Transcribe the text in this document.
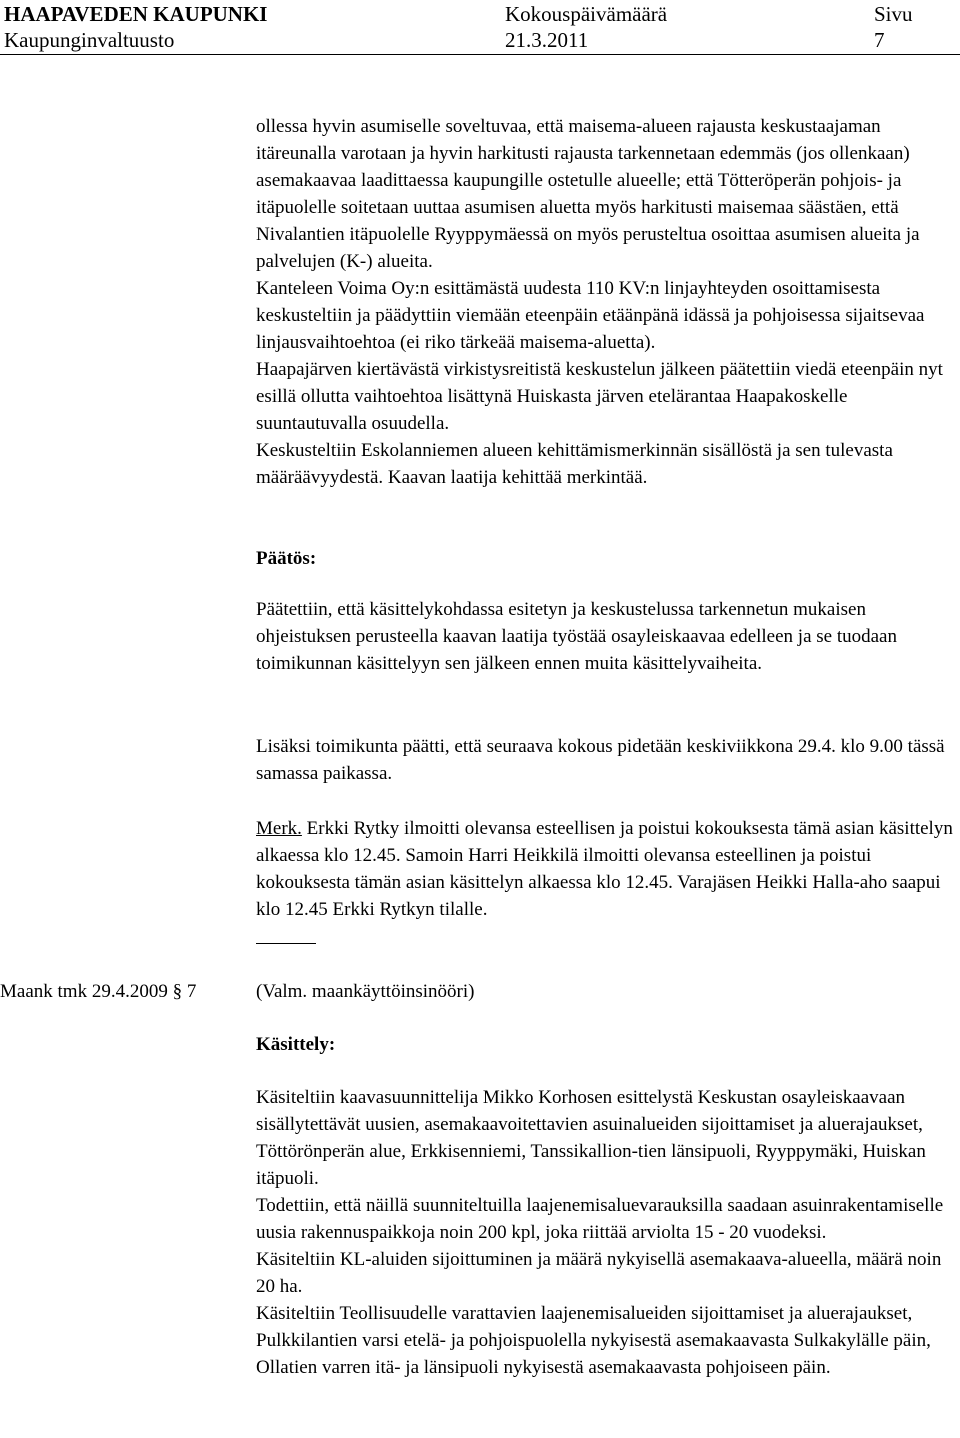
HAAPAVEDEN KAUPUNKI
Kaupunginvaltuusto
Kokouspäivämäärä
21.3.2011
Sivu
7

ollessa hyvin asumiselle soveltuvaa, että maisema-alueen rajausta keskustaajaman itäreunalla varotaan ja hyvin harkitusti rajausta tarkennetaan edemmäs (jos ollenkaan) asemakaavaa laadittaessa kaupungille ostetulle alueelle; että Tötteröperän pohjois- ja itäpuolelle soitetaan uuttaa asumisen aluetta myös harkitusti maisemaa säästäen, että Nivalantien itäpuolelle Ryyppymäessä on myös perusteltua osoittaa asumisen alueita ja palvelujen (K-) alueita.

Kanteleen Voima Oy:n esittämästä uudesta 110 KV:n linjayhteyden osoittamisesta keskusteltiin ja päädyttiin viemään eteenpäin etäänpänä idässä ja pohjoisessa sijaitsevaa linjausvaihtoehtoa (ei riko tärkeää maisema-aluetta).

Haapajärven kiertävästä virkistysreitistä keskustelun jälkeen päätettiin viedä eteenpäin nyt esillä ollutta vaihtoehtoa lisättynä Huiskasta järven etelärantaa Haapakoskelle suuntautuvalla osuudella.

Keskusteltiin Eskolanniemen alueen kehittämismerkinnän sisällöstä ja sen tulevasta määräävyydestä. Kaavan laatija kehittää merkintää.

Päätös:

Päätettiin, että käsittelykohdassa esitetyn ja keskustelussa tarkennetun mukaisen ohjeistuksen perusteella kaavan laatija työstää osayleiskaavaa edelleen ja se tuodaan toimikunnan käsittelyyn sen jälkeen ennen muita käsittelyvaiheita.

Lisäksi toimikunta päätti, että seuraava kokous pidetään keskiviikkona 29.4. klo 9.00 tässä samassa paikassa.

Merk. Erkki Rytky ilmoitti olevansa esteellisen ja poistui kokouksesta tämä asian käsittelyn alkaessa klo 12.45. Samoin Harri Heikkilä ilmoitti olevansa esteellinen ja poistui kokouksesta tämän asian käsittelyn alkaessa klo 12.45. Varajäsen Heikki Halla-aho saapui klo 12.45 Erkki Rytkyn tilalle.

Maank tmk 29.4.2009 § 7	(Valm. maankäyttöinsinööri)
Käsittely:

Käsiteltiin kaavasuunnittelija Mikko Korhosen esittelystä Keskustan osayleiskaavaan sisällytettävät uusien, asemakaavoitettavien asuinalueiden sijoittamiset ja aluerajaukset, Töttörönperän alue, Erkkisenniemi, Tanssikallion-tien länsipuoli, Ryyppymäki, Huiskan itäpuoli.

Todettiin, että näillä suunniteltuilla laajenemisaluevarauksilla saadaan asuinrakentamiselle uusia rakennuspaikkoja noin 200 kpl, joka riittää arviolta 15 - 20 vuodeksi.

Käsiteltiin KL-aluiden sijoittuminen ja määrä nykyisellä asemakaava-alueella, määrä noin 20 ha.

Käsiteltiin Teollisuudelle varattavien laajenemisalueiden sijoittamiset ja aluerajaukset, Pulkkilantien varsi etelä- ja pohjoispuolella nykyisestä asemakaavasta Sulkakylälle päin, Ollatien varren itä- ja länsipuoli nykyisestä asemakaavasta pohjoiseen päin.
